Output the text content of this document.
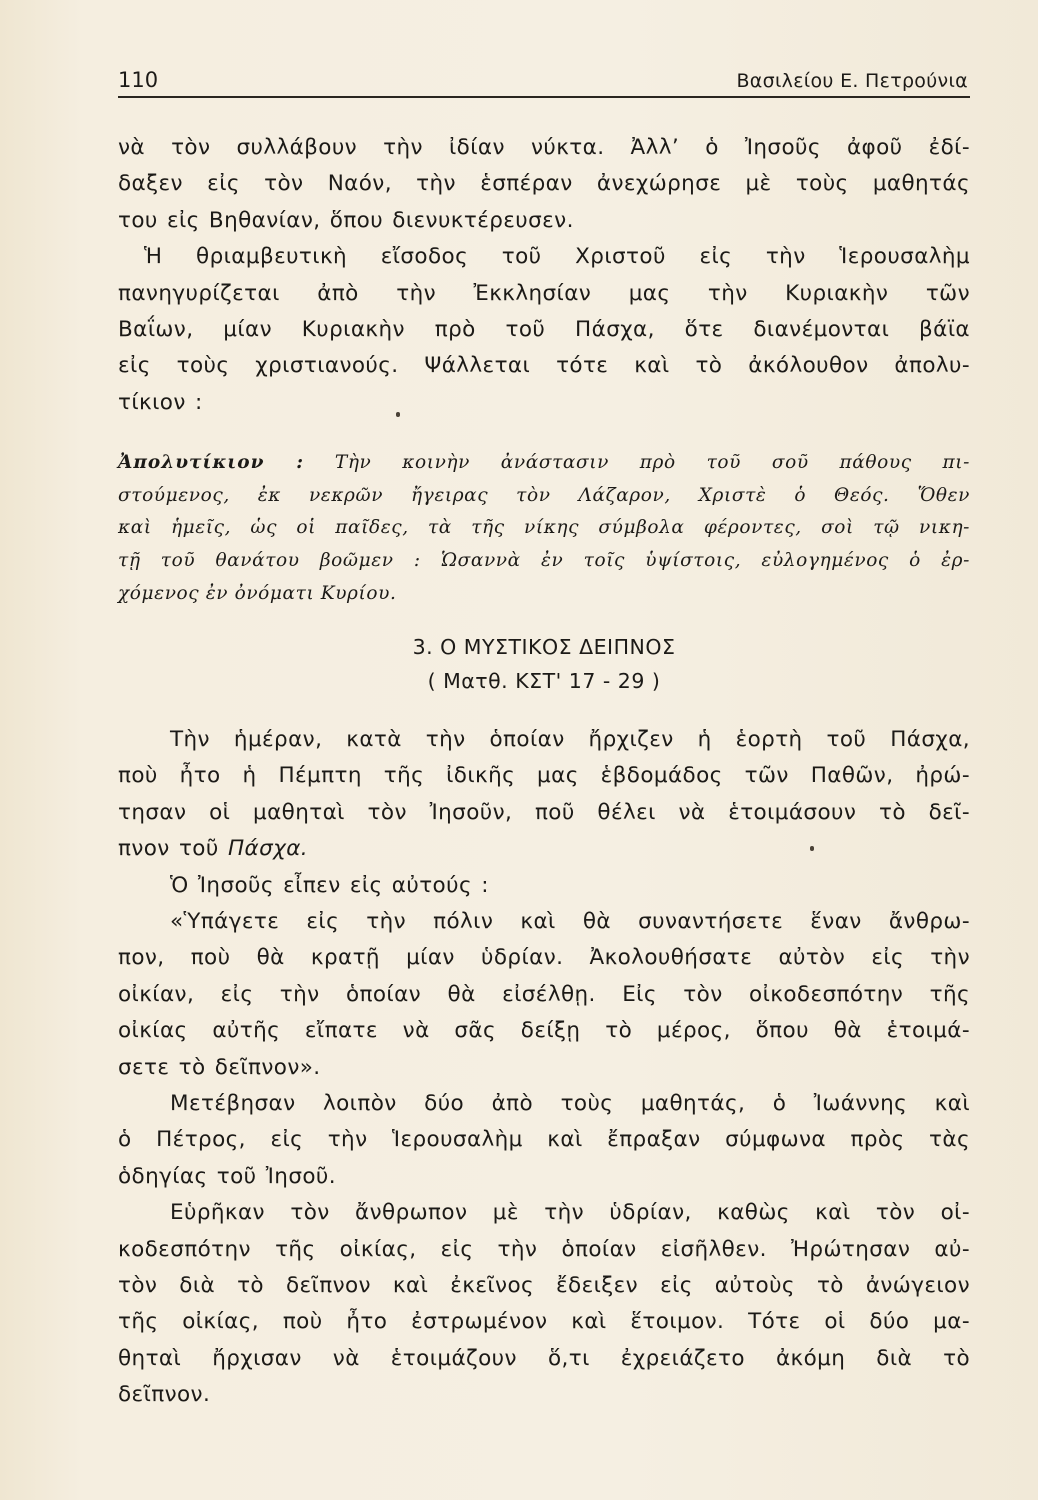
110	Βασιλείου Ε. Πετρούνια
νὰ τὸν συλλάβουν τὴν ἰδίαν νύκτα. Ἀλλ’ ὁ Ἰησοῦς ἀφοῦ ἐδί-
δαξεν εἰς τὸν Ναόν, τὴν ἑσπέραν ἀνεχώρησε μὲ τοὺς μαθητάς
του εἰς Βηθανίαν, ὅπου διενυκτέρευσεν.
Ἡ θριαμβευτικὴ εἴσοδος τοῦ Χριστοῦ εἰς τὴν Ἱερουσαλὴμ
πανηγυρίζεται ἀπὸ τὴν Ἐκκλησίαν μας τὴν Κυριακὴν τῶν
Βαΐων, μίαν Κυριακὴν πρὸ τοῦ Πάσχα, ὅτε διανέμονται βάϊα
εἰς τοὺς χριστιανούς. Ψάλλεται τότε καὶ τὸ ἀκόλουθον ἀπολυ-
τίκιον :
Ἀπολυτίκιον : Τὴν κοινὴν ἀνάστασιν πρὸ τοῦ σοῦ πάθους πι-
στούμενος, ἐκ νεκρῶν ἤγειρας τὸν Λάζαρον, Χριστὲ ὁ Θεός. Ὅθεν
καὶ ἡμεῖς, ὡς οἱ παῖδες, τὰ τῆς νίκης σύμβολα φέροντες, σοὶ τῷ νικη-
τῇ τοῦ θανάτου βοῶμεν : Ὡσαννὰ ἐν τοῖς ὑψίστοις, εὐλογημένος ὁ ἐρ-
χόμενος ἐν ὀνόματι Κυρίου.
3. Ο ΜΥΣΤΙΚΟΣ ΔΕΙΠΝΟΣ
( Ματθ. ΚΣΤ' 17 - 29 )
Τὴν ἡμέραν, κατὰ τὴν ὁποίαν ἤρχιζεν ἡ ἑορτὴ τοῦ Πάσχα,
ποὺ ἦτο ἡ Πέμπτη τῆς ἰδικῆς μας ἑβδομάδος τῶν Παθῶν, ἠρώ-
τησαν οἱ μαθηταὶ τὸν Ἰησοῦν, ποῦ θέλει νὰ ἑτοιμάσουν τὸ δεῖ-
πνον τοῦ Πάσχα.
Ὁ Ἰησοῦς εἶπεν εἰς αὐτούς :
«Ὑπάγετε εἰς τὴν πόλιν καὶ θὰ συναντήσετε ἕναν ἄνθρω-
πον, ποὺ θὰ κρατῇ μίαν ὑδρίαν. Ἀκολουθήσατε αὐτὸν εἰς τὴν
οἰκίαν, εἰς τὴν ὁποίαν θὰ εἰσέλθῃ. Εἰς τὸν οἰκοδεσπότην τῆς
οἰκίας αὐτῆς εἴπατε νὰ σᾶς δείξῃ τὸ μέρος, ὅπου θὰ ἑτοιμά-
σετε τὸ δεῖπνον».
Μετέβησαν λοιπὸν δύο ἀπὸ τοὺς μαθητάς, ὁ Ἰωάννης καὶ
ὁ Πέτρος, εἰς τὴν Ἱερουσαλὴμ καὶ ἔπραξαν σύμφωνα πρὸς τὰς
ὁδηγίας τοῦ Ἰησοῦ.
Εὑρῆκαν τὸν ἄνθρωπον μὲ τὴν ὑδρίαν, καθὼς καὶ τὸν οἰ-
κοδεσπότην τῆς οἰκίας, εἰς τὴν ὁποίαν εἰσῆλθεν. Ἠρώτησαν αὐ-
τὸν διὰ τὸ δεῖπνον καὶ ἐκεῖνος ἔδειξεν εἰς αὐτοὺς τὸ ἀνώγειον
τῆς οἰκίας, ποὺ ἦτο ἐστρωμένον καὶ ἕτοιμον. Τότε οἱ δύο μα-
θηταὶ ἤρχισαν νὰ ἑτοιμάζουν ὅ,τι ἐχρειάζετο ἀκόμη διὰ τὸ
δεῖπνον.
